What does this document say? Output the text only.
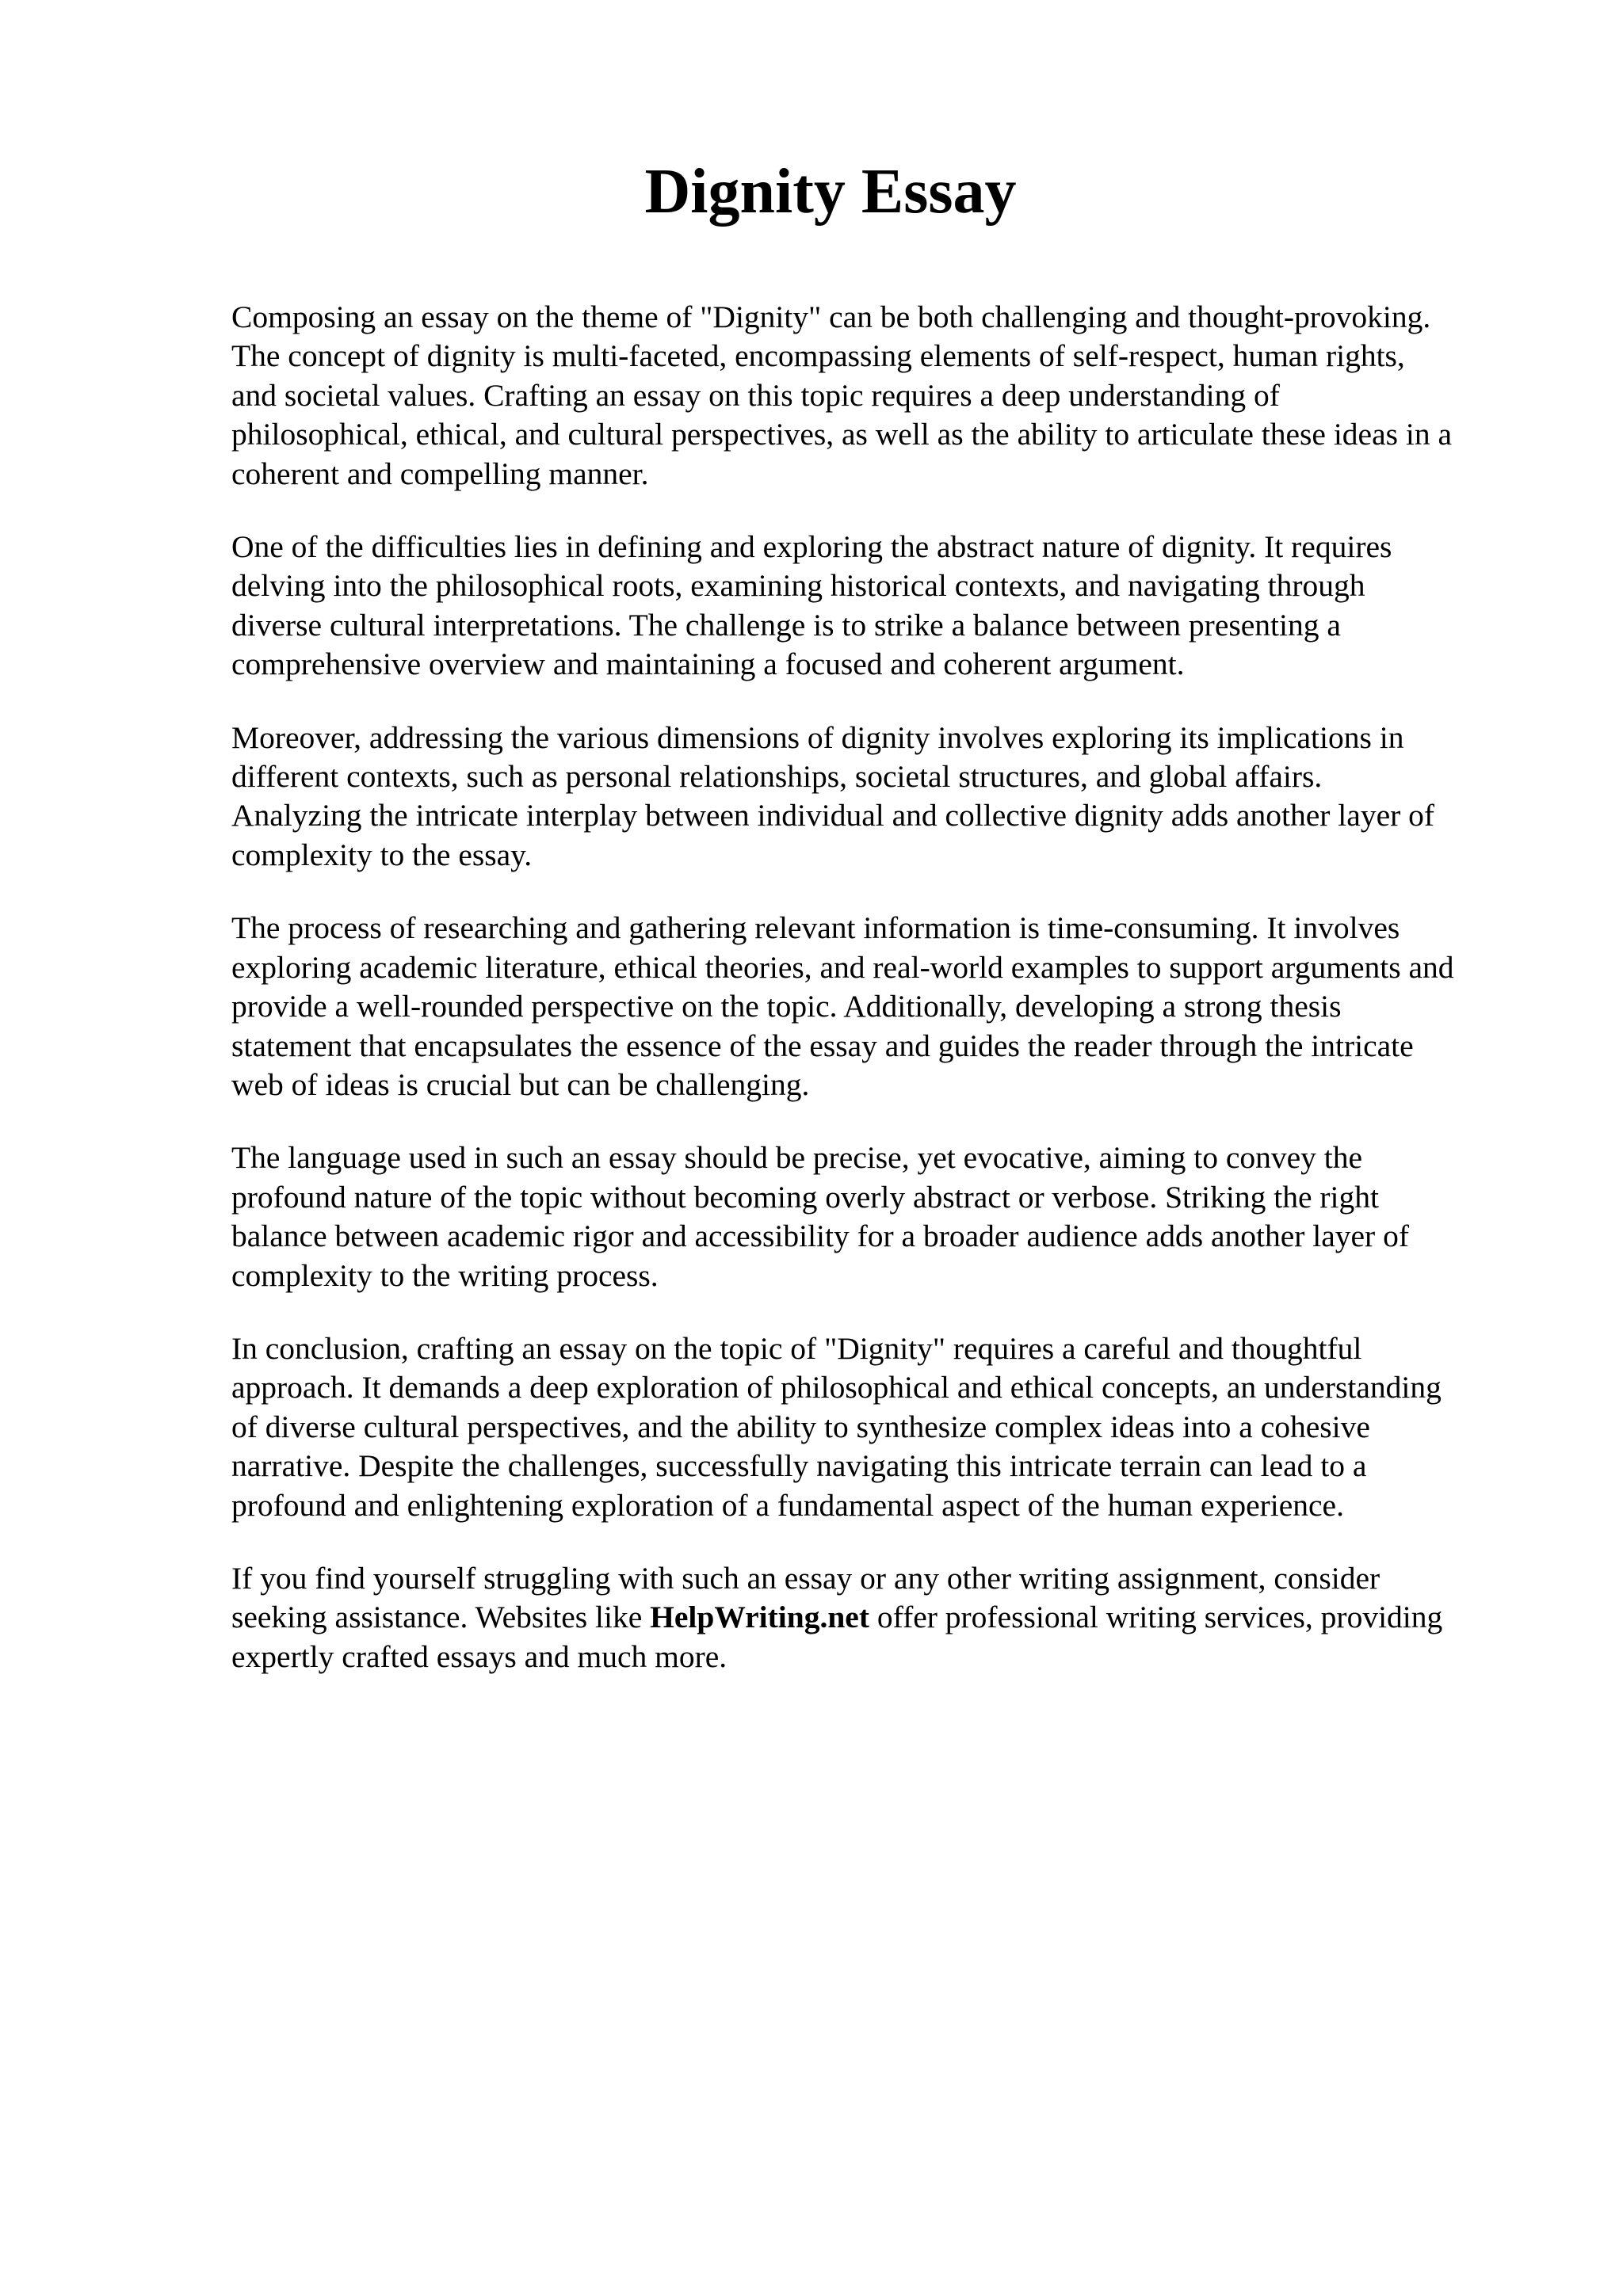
Dignity Essay

Composing an essay on the theme of "Dignity" can be both challenging and thought-provoking.
The concept of dignity is multi-faceted, encompassing elements of self-respect, human rights,
and societal values. Crafting an essay on this topic requires a deep understanding of
philosophical, ethical, and cultural perspectives, as well as the ability to articulate these ideas in a
coherent and compelling manner.

One of the difficulties lies in defining and exploring the abstract nature of dignity. It requires
delving into the philosophical roots, examining historical contexts, and navigating through
diverse cultural interpretations. The challenge is to strike a balance between presenting a
comprehensive overview and maintaining a focused and coherent argument.

Moreover, addressing the various dimensions of dignity involves exploring its implications in
different contexts, such as personal relationships, societal structures, and global affairs.
Analyzing the intricate interplay between individual and collective dignity adds another layer of
complexity to the essay.

The process of researching and gathering relevant information is time-consuming. It involves
exploring academic literature, ethical theories, and real-world examples to support arguments and
provide a well-rounded perspective on the topic. Additionally, developing a strong thesis
statement that encapsulates the essence of the essay and guides the reader through the intricate
web of ideas is crucial but can be challenging.

The language used in such an essay should be precise, yet evocative, aiming to convey the
profound nature of the topic without becoming overly abstract or verbose. Striking the right
balance between academic rigor and accessibility for a broader audience adds another layer of
complexity to the writing process.

In conclusion, crafting an essay on the topic of "Dignity" requires a careful and thoughtful
approach. It demands a deep exploration of philosophical and ethical concepts, an understanding
of diverse cultural perspectives, and the ability to synthesize complex ideas into a cohesive
narrative. Despite the challenges, successfully navigating this intricate terrain can lead to a
profound and enlightening exploration of a fundamental aspect of the human experience.

If you find yourself struggling with such an essay or any other writing assignment, consider
seeking assistance. Websites like HelpWriting.net offer professional writing services, providing
expertly crafted essays and much more.
